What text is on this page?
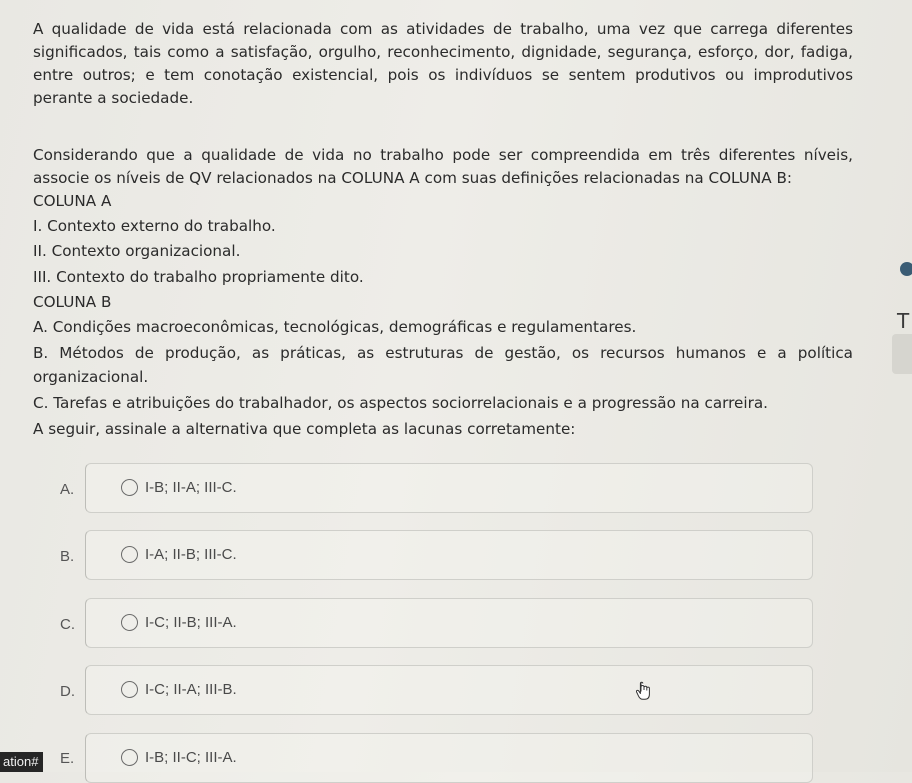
A qualidade de vida está relacionada com as atividades de trabalho, uma vez que carrega diferentes significados, tais como a satisfação, orgulho, reconhecimento, dignidade, segurança, esforço, dor, fadiga, entre outros; e tem conotação existencial, pois os indivíduos se sentem produtivos ou improdutivos perante a sociedade.

Considerando que a qualidade de vida no trabalho pode ser compreendida em três diferentes níveis, associe os níveis de QV relacionados na COLUNA A com suas definições relacionadas na COLUNA B:

COLUNA A
I. Contexto externo do trabalho.
II. Contexto organizacional.
III. Contexto do trabalho propriamente dito.
COLUNA B
A. Condições macroeconômicas, tecnológicas, demográficas e regulamentares.
B. Métodos de produção, as práticas, as estruturas de gestão, os recursos humanos e a política
organizacional.
C. Tarefas e atribuições do trabalhador, os aspectos sociorrelacionais e a progressão na carreira.
A seguir, assinale a alternativa que completa as lacunas corretamente:
A.	I-B; II-A; III-C.
B.	I-A; II-B; III-C.
C.	I-C; II-B; III-A.
D.	I-C; II-A; III-B.
E.	I-B; II-C; III-A.
ation#
T
